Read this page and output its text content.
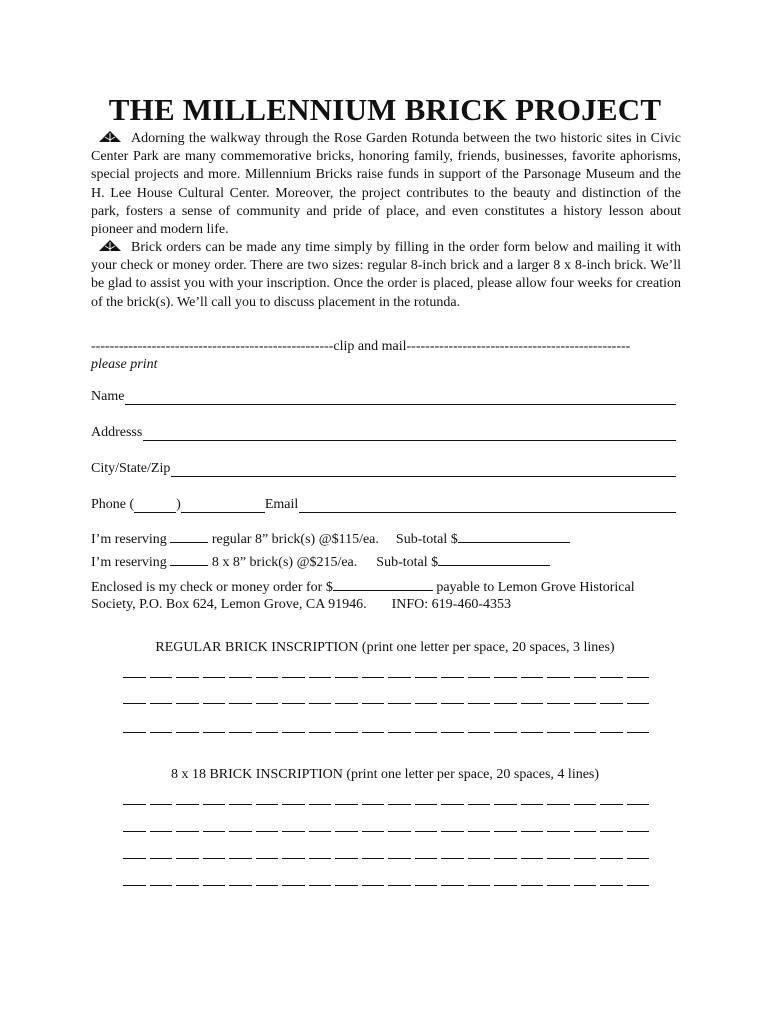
THE MILLENNIUM BRICK PROJECT
Adorning the walkway through the Rose Garden Rotunda between the two historic sites in Civic Center Park are many commemorative bricks, honoring family, friends, businesses, favorite aphorisms, special projects and more. Millennium Bricks raise funds in support of the Parsonage Museum and the H. Lee House Cultural Center. Moreover, the project contributes to the beauty and distinction of the park, fosters a sense of community and pride of place, and even constitutes a history lesson about pioneer and modern life.
Brick orders can be made any time simply by filling in the order form below and mailing it with your check or money order. There are two sizes: regular 8-inch brick and a larger 8 x 8-inch brick. We’ll be glad to assist you with your inscription. Once the order is placed, please allow four weeks for creation of the brick(s). We’ll call you to discuss placement in the rotunda.
----------------------------------------------------clip and mail------------------------------------------------
please print
Name
Addresss
City/State/Zip
Phone (	)	Email
I’m reserving	regular 8” brick(s) @$115/ea. Sub-total $
I’m reserving	8 x 8” brick(s) @$215/ea. Sub-total $
Enclosed is my check or money order for $	payable to Lemon Grove Historical
Society, P.O. Box 624, Lemon Grove, CA 91946. INFO: 619-460-4353
REGULAR BRICK INSCRIPTION (print one letter per space, 20 spaces, 3 lines)
8 x 18 BRICK INSCRIPTION (print one letter per space, 20 spaces, 4 lines)
